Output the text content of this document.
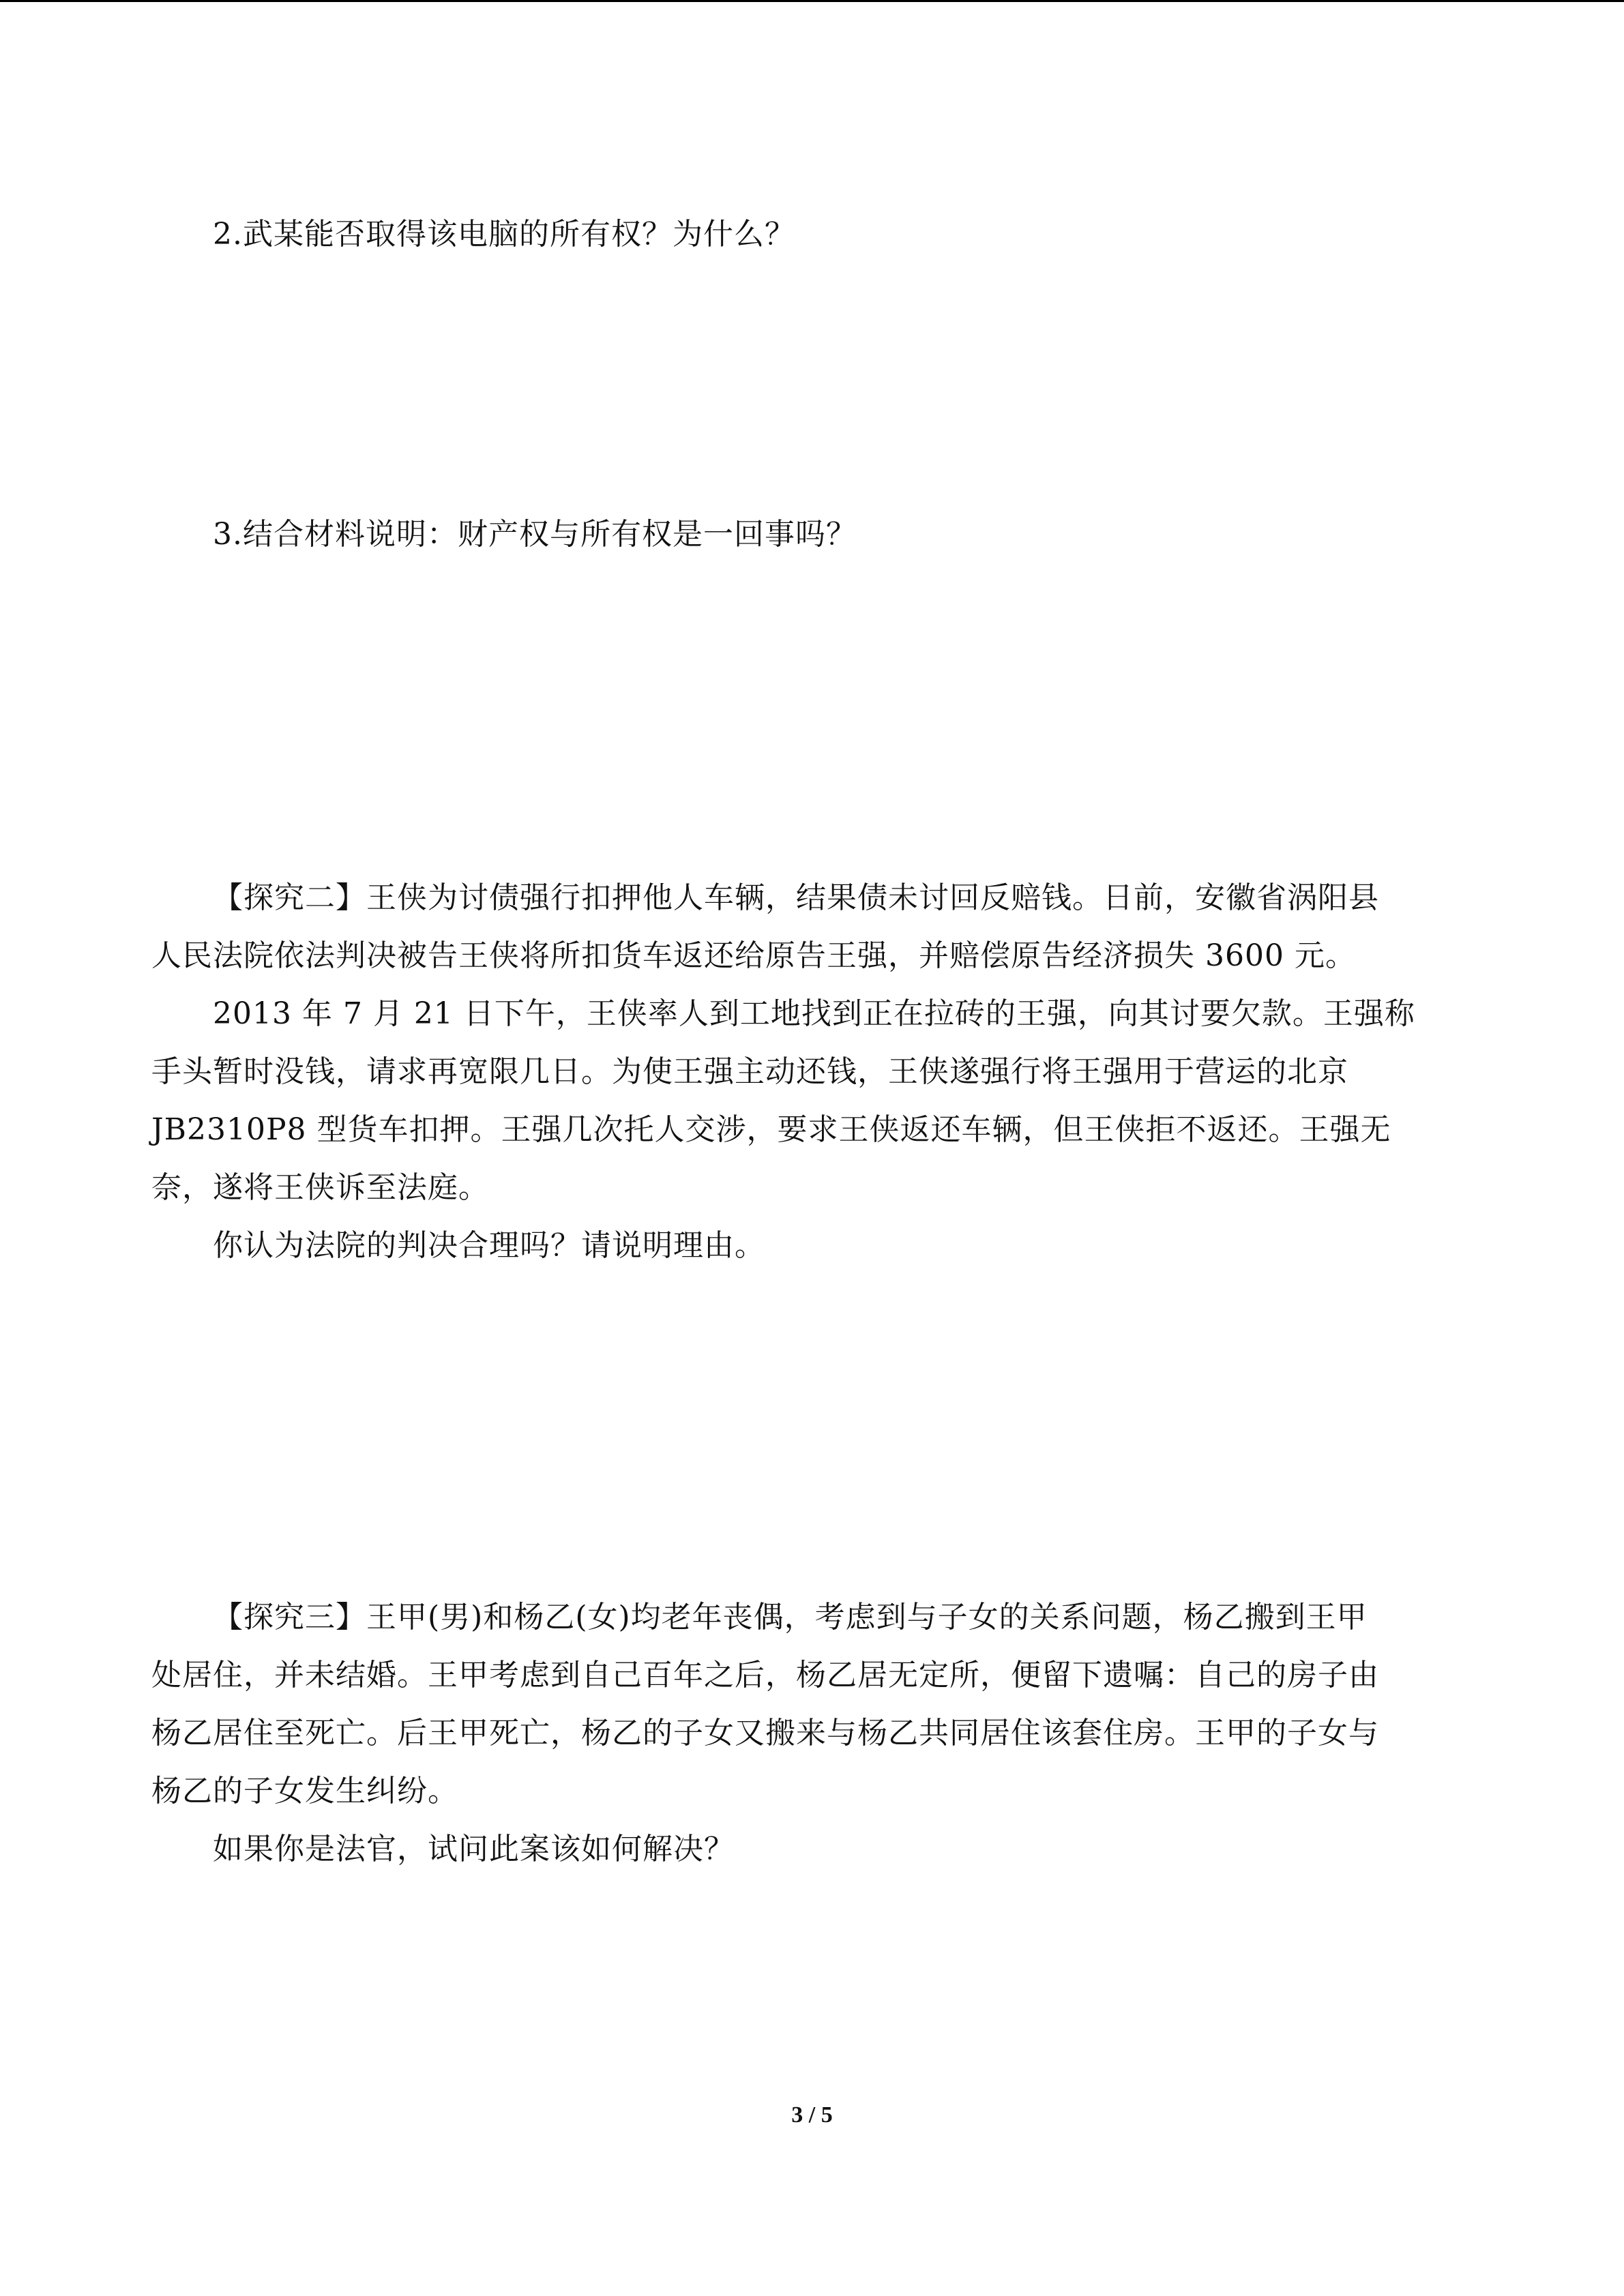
2.武某能否取得该电脑的所有权？为什么？
3.结合材料说明：财产权与所有权是一回事吗？
【探究二】王侠为讨债强行扣押他人车辆，结果债未讨回反赔钱。日前，安徽省涡阳县
人民法院依法判决被告王侠将所扣货车返还给原告王强，并赔偿原告经济损失 3600 元。
2013 年 7 月 21 日下午，王侠率人到工地找到正在拉砖的王强，向其讨要欠款。王强称
手头暂时没钱，请求再宽限几日。为使王强主动还钱，王侠遂强行将王强用于营运的北京
JB2310P8 型货车扣押。王强几次托人交涉，要求王侠返还车辆，但王侠拒不返还。王强无
奈，遂将王侠诉至法庭。
你认为法院的判决合理吗？请说明理由。
【探究三】王甲(男)和杨乙(女)均老年丧偶，考虑到与子女的关系问题，杨乙搬到王甲
处居住，并未结婚。王甲考虑到自己百年之后，杨乙居无定所，便留下遗嘱：自己的房子由
杨乙居住至死亡。后王甲死亡，杨乙的子女又搬来与杨乙共同居住该套住房。王甲的子女与
杨乙的子女发生纠纷。
如果你是法官，试问此案该如何解决？
3 / 5
